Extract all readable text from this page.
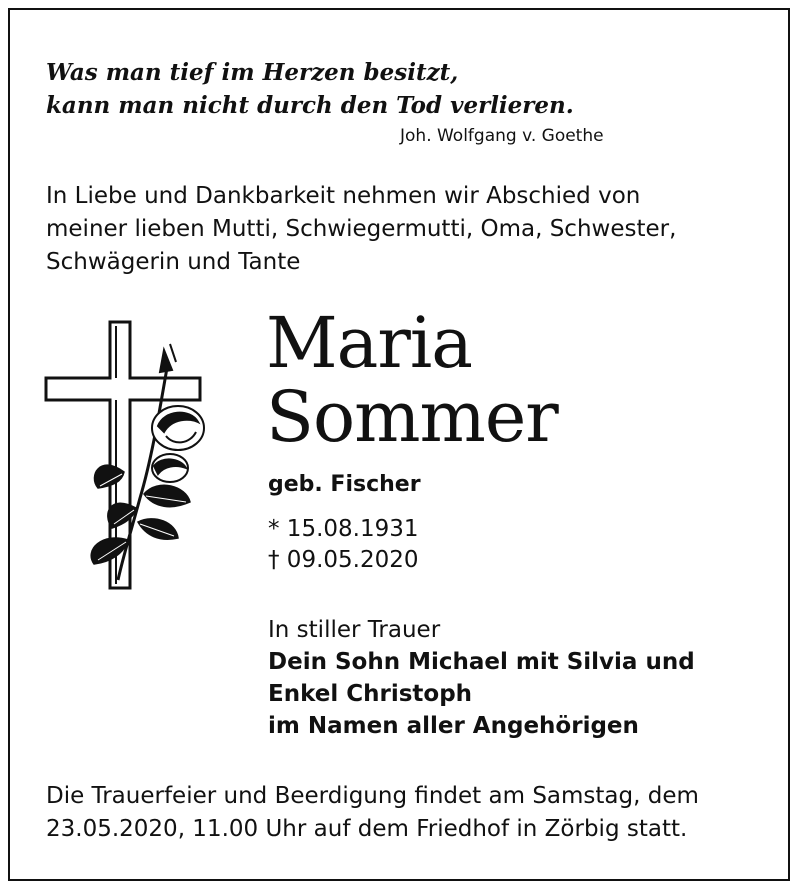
Was man tief im Herzen besitzt,
kann man nicht durch den Tod verlieren.
Joh. Wolfgang v. Goethe
In Liebe und Dankbarkeit nehmen wir Abschied von
meiner lieben Mutti, Schwiegermutti, Oma, Schwester,
Schwägerin und Tante
Maria
Sommer
geb. Fischer
* 15.08.1931
† 09.05.2020
In stiller Trauer
Dein Sohn Michael mit Silvia und
Enkel Christoph
im Namen aller Angehörigen
Die Trauerfeier und Beerdigung findet am Samstag, dem
23.05.2020, 11.00 Uhr auf dem Friedhof in Zörbig statt.
